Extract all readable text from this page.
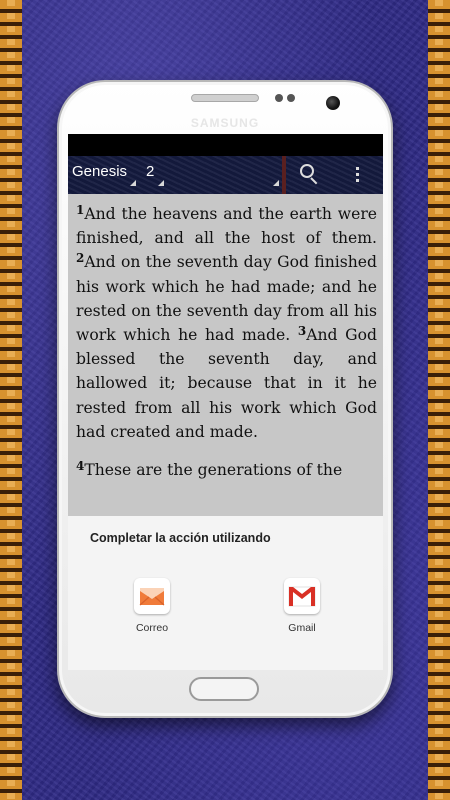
SAMSUNG
Genesis 2

$^1$And the heavens and the earth were finished, and all the host of them. $^2$And on the seventh day God finished his work which he had made; and he rested on the seventh day from all his work which he had made. $^3$And God blessed the seventh day, and hallowed it; because that in it he rested from all his work which God had created and made.

$^4$These are the generations of the

Completar la acción utilizando
Correo	Gmail
